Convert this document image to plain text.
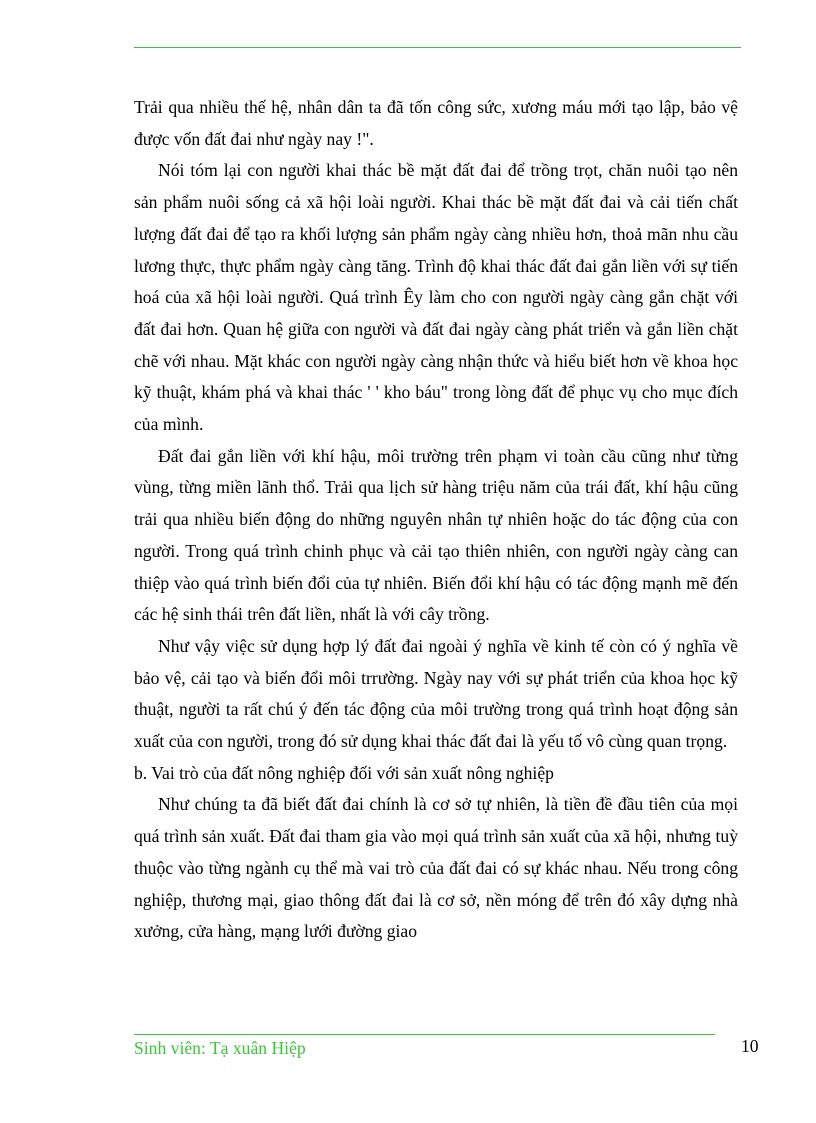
Trải qua nhiều thế hệ, nhân dân ta đã tốn công sức, xương máu mới tạo lập, bảo vệ được vốn đất đai như ngày nay !".

Nói tóm lại con người khai thác bề mặt đất đai để trồng trọt, chăn nuôi tạo nên sản phẩm nuôi sống cả xã hội loài người. Khai thác bề mặt đất đai và cải tiến chất lượng đất đai để tạo ra khối lượng sản phẩm ngày càng nhiều hơn, thoả mãn nhu cầu lương thực, thực phẩm ngày càng tăng. Trình độ khai thác đất đai gắn liền với sự tiến hoá của xã hội loài người. Quá trình Êy làm cho con người ngày càng gắn chặt với đất đai hơn. Quan hệ giữa con người và đất đai ngày càng phát triển và gắn liền chặt chẽ với nhau. Mặt khác con người ngày càng nhận thức và hiểu biết hơn về khoa học kỹ thuật, khám phá và khai thác ' ' kho báu" trong lòng đất để phục vụ cho mục đích của mình.

Đất đai gắn liền với khí hậu, môi trường trên phạm vi toàn cầu cũng như từng vùng, từng miền lãnh thổ. Trải qua lịch sử hàng triệu năm của trái đất, khí hậu cũng trải qua nhiều biến động do những nguyên nhân tự nhiên hoặc do tác động của con người. Trong quá trình chinh phục và cải tạo thiên nhiên, con người ngày càng can thiệp vào quá trình biến đổi của tự nhiên. Biến đổi khí hậu có tác động mạnh mẽ đến các hệ sinh thái trên đất liền, nhất là với cây trồng.

Như vậy việc sử dụng hợp lý đất đai ngoài ý nghĩa về kinh tế còn có ý nghĩa về bảo vệ, cải tạo và biến đổi môi trrường. Ngày nay với sự phát triển của khoa học kỹ thuật, người ta rất chú ý đến tác động của môi trường trong quá trình hoạt động sản xuất của con người, trong đó sử dụng khai thác đất đai là yếu tố vô cùng quan trọng.

b. Vai trò của đất nông nghiệp đối với sản xuất nông nghiệp

Như chúng ta đã biết đất đai chính là cơ sở tự nhiên, là tiền đề đầu tiên của mọi quá trình sản xuất. Đất đai tham gia vào mọi quá trình sản xuất của xã hội, nhưng tuỳ thuộc vào từng ngành cụ thể mà vai trò của đất đai có sự khác nhau. Nếu trong công nghiệp, thương mại, giao thông đất đai là cơ sở, nền móng để trên đó xây dựng nhà xưởng, cửa hàng, mạng lưới đường giao

Sinh viên: Tạ xuân Hiệp	10
